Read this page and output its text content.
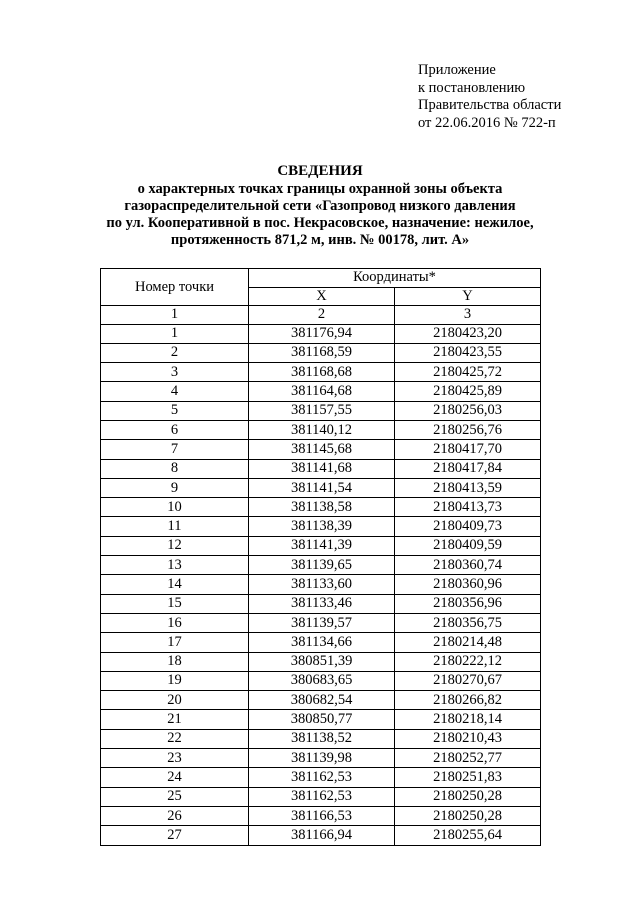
Приложение
к постановлению
Правительства области
от 22.06.2016 № 722-п
СВЕДЕНИЯ
о характерных точках границы охранной зоны объекта
газораспределительной сети «Газопровод низкого давления
по ул. Кооперативной в пос. Некрасовское, назначение: нежилое,
протяженность 871,2 м, инв. № 00178, лит. А»
Номер точки	Координаты*	
	X	Y
1	2	3
1	381176,94	2180423,20
2	381168,59	2180423,55
3	381168,68	2180425,72
4	381164,68	2180425,89
5	381157,55	2180256,03
6	381140,12	2180256,76
7	381145,68	2180417,70
8	381141,68	2180417,84
9	381141,54	2180413,59
10	381138,58	2180413,73
11	381138,39	2180409,73
12	381141,39	2180409,59
13	381139,65	2180360,74
14	381133,60	2180360,96
15	381133,46	2180356,96
16	381139,57	2180356,75
17	381134,66	2180214,48
18	380851,39	2180222,12
19	380683,65	2180270,67
20	380682,54	2180266,82
21	380850,77	2180218,14
22	381138,52	2180210,43
23	381139,98	2180252,77
24	381162,53	2180251,83
25	381162,53	2180250,28
26	381166,53	2180250,28
27	381166,94	2180255,64
